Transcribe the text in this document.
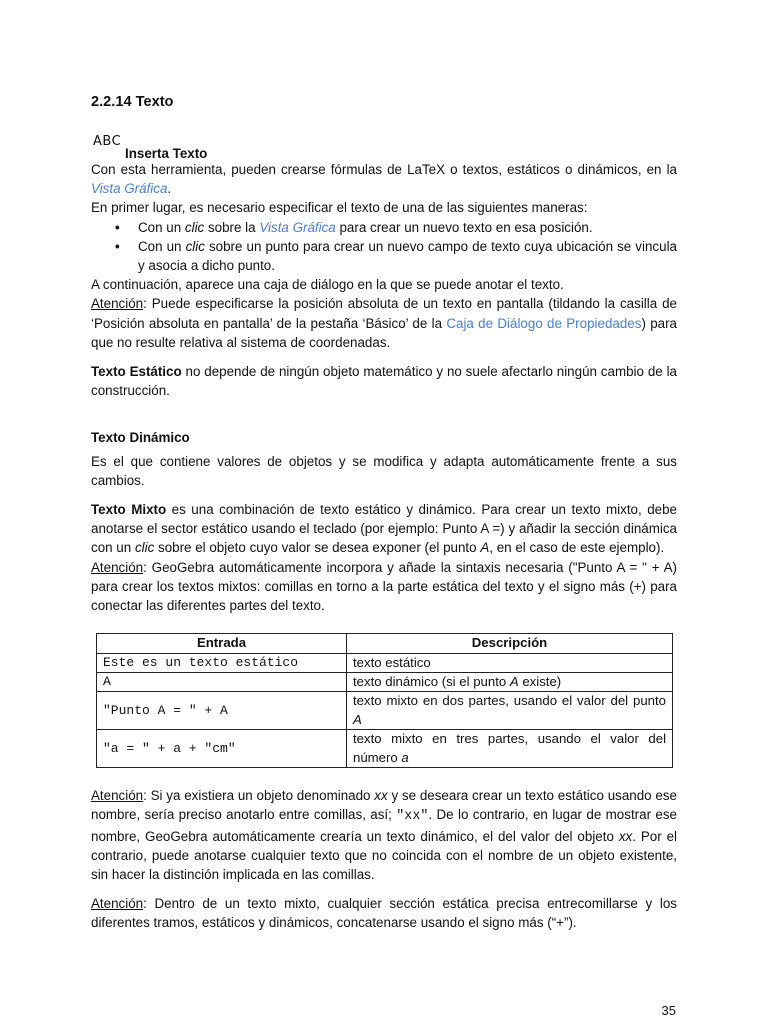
2.2.14 Texto
ABC
Inserta Texto

Con esta herramienta, pueden crearse fórmulas de LaTeX o textos, estáticos o dinámicos, en la Vista Gráfica.

En primer lugar, es necesario especificar el texto de una de las siguientes maneras:

• Con un clic sobre la Vista Gráfica para crear un nuevo texto en esa posición.
• Con un clic sobre un punto para crear un nuevo campo de texto cuya ubicación se vincula y asocia a dicho punto.

A continuación, aparece una caja de diálogo en la que se puede anotar el texto.

Atención: Puede especificarse la posición absoluta de un texto en pantalla (tildando la casilla de ‘Posición absoluta en pantalla’ de la pestaña ‘Básico’ de la Caja de Diálogo de Propiedades) para que no resulte relativa al sistema de coordenadas.

Texto Estático no depende de ningún objeto matemático y no suele afectarlo ningún cambio de la construcción.

Texto Dinámico

Es el que contiene valores de objetos y se modifica y adapta automáticamente frente a sus cambios.

Texto Mixto es una combinación de texto estático y dinámico. Para crear un texto mixto, debe anotarse el sector estático usando el teclado (por ejemplo: Punto A =) y añadir la sección dinámica con un clic sobre el objeto cuyo valor se desea exponer (el punto A, en el caso de este ejemplo).

Atención: GeoGebra automáticamente incorpora y añade la sintaxis necesaria ("Punto A = " + A) para crear los textos mixtos: comillas en torno a la parte estática del texto y el signo más (+) para conectar las diferentes partes del texto.

Entrada	Descripción
Este es un texto estático	texto estático
A	texto dinámico (si el punto A existe)
"Punto A = " + A	texto mixto en dos partes, usando el valor del punto A
"a = " + a + "cm"	texto mixto en tres partes, usando el valor del número a

Atención: Si ya existiera un objeto denominado xx y se deseara crear un texto estático usando ese nombre, sería preciso anotarlo entre comillas, así; "xx". De lo contrario, en lugar de mostrar ese nombre, GeoGebra automáticamente crearía un texto dinámico, el del valor del objeto xx. Por el contrario, puede anotarse cualquier texto que no coincida con el nombre de un objeto existente, sin hacer la distinción implicada en las comillas.

Atención: Dentro de un texto mixto, cualquier sección estática precisa entrecomillarse y los diferentes tramos, estáticos y dinámicos, concatenarse usando el signo más (“+”).

35
